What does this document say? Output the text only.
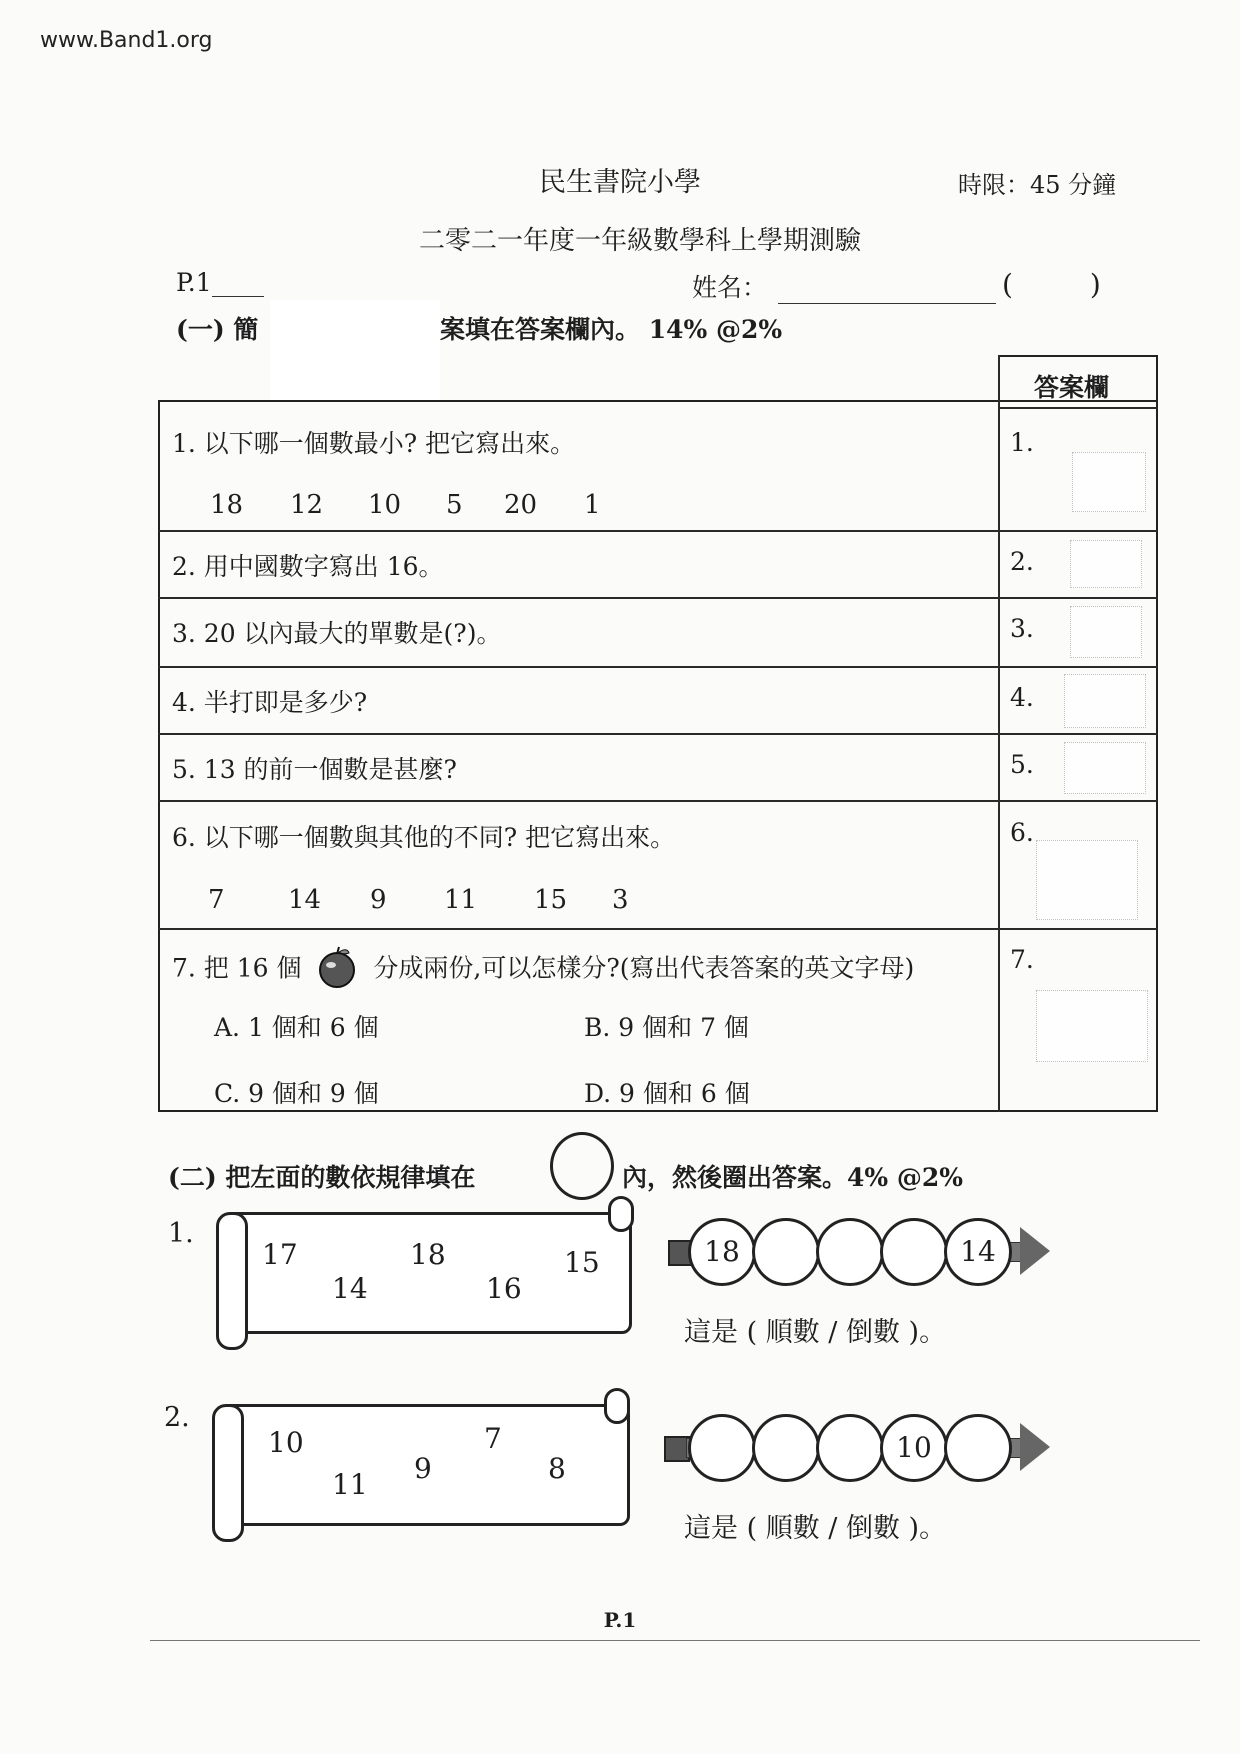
www.Band1.org
民生書院小學	時限：45 分鐘
二零二一年度一年級數學科上學期測驗
P.1	姓名：	( )
(一) 簡	案填在答案欄內。 14% @2%
答案欄
1. 以下哪一個數最小? 把它寫出來。
18 12 10 5 20 1
1.
2. 用中國數字寫出 16。	2.
3. 20 以內最大的單數是(?)。	3.
4. 半打即是多少?	4.
5. 13 的前一個數是甚麼?	5.
6. 以下哪一個數與其他的不同? 把它寫出來。
7 14 9 11 15 3
6.
7. 把 16 個	分成兩份,可以怎樣分?(寫出代表答案的英文字母)
A. 1 個和 6 個	B. 9 個和 7 個
C. 9 個和 9 個	D. 9 個和 6 個
7.
(二) 把左面的數依規律填在	內，然後圈出答案。4% @2%
1.
17
14
18
16
15	18	14
這是 ( 順數 / 倒數 )。
2.
10
11 9
7
8
10
這是 ( 順數 / 倒數 )。
P.1
